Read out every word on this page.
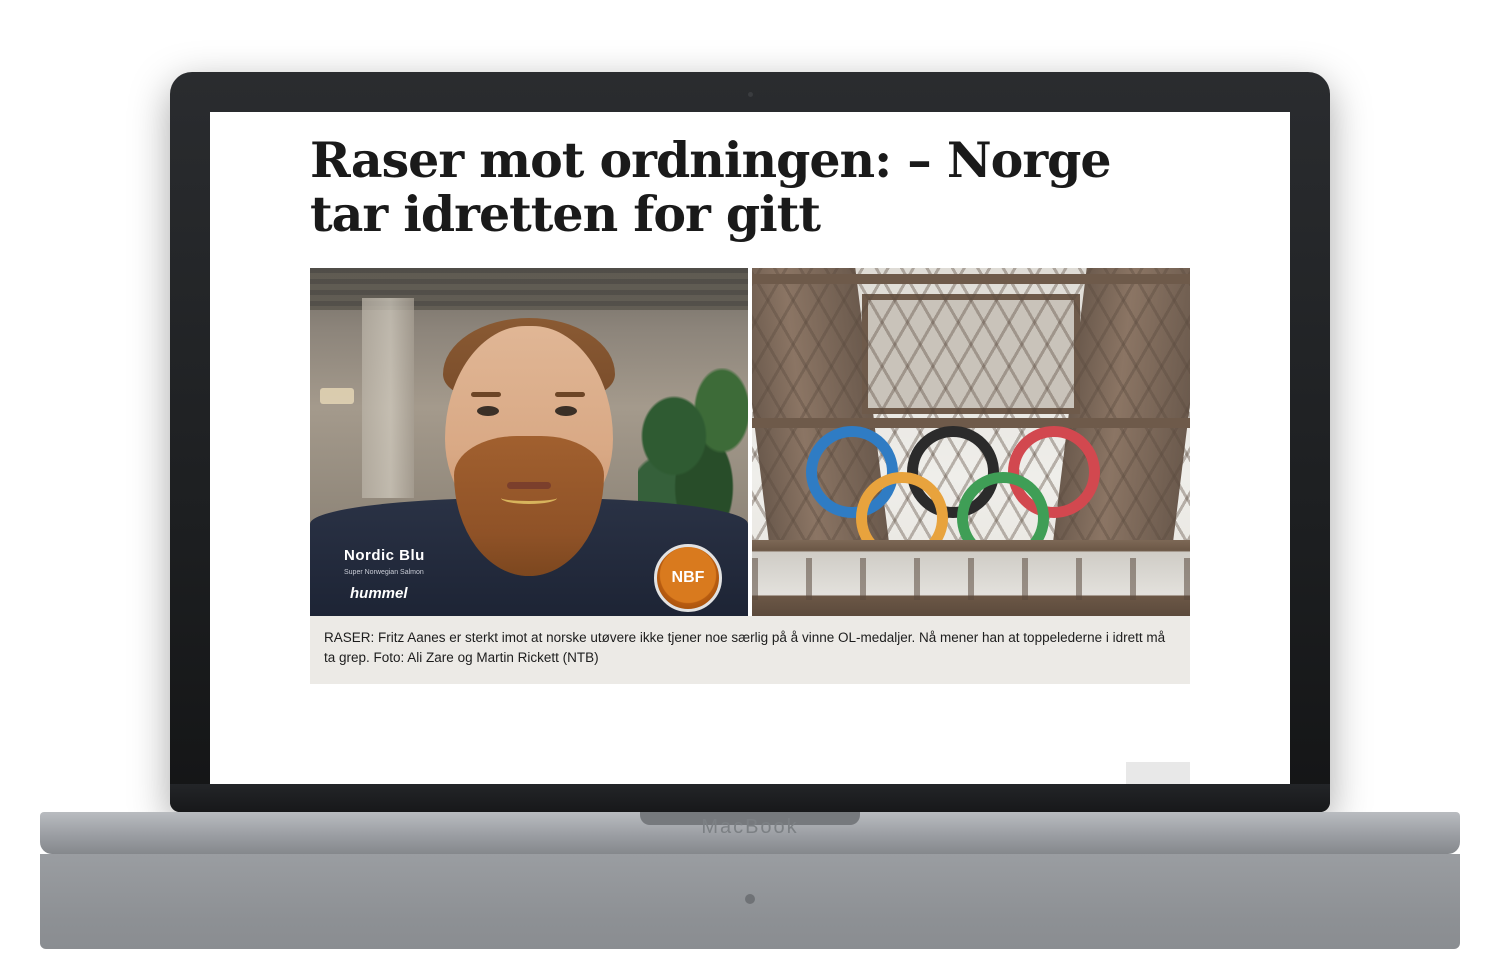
Raser mot ordningen: – Norge tar idretten for gitt
Nordic Blu
Super Norwegian Salmon
hummel
NBF

RASER: Fritz Aanes er sterkt imot at norske utøvere ikke tjener noe særlig på å vinne OL-medaljer. Nå mener han at toppelederne i idrett må ta grep. Foto: Ali Zare og Martin Rickett (NTB)

MacBook
